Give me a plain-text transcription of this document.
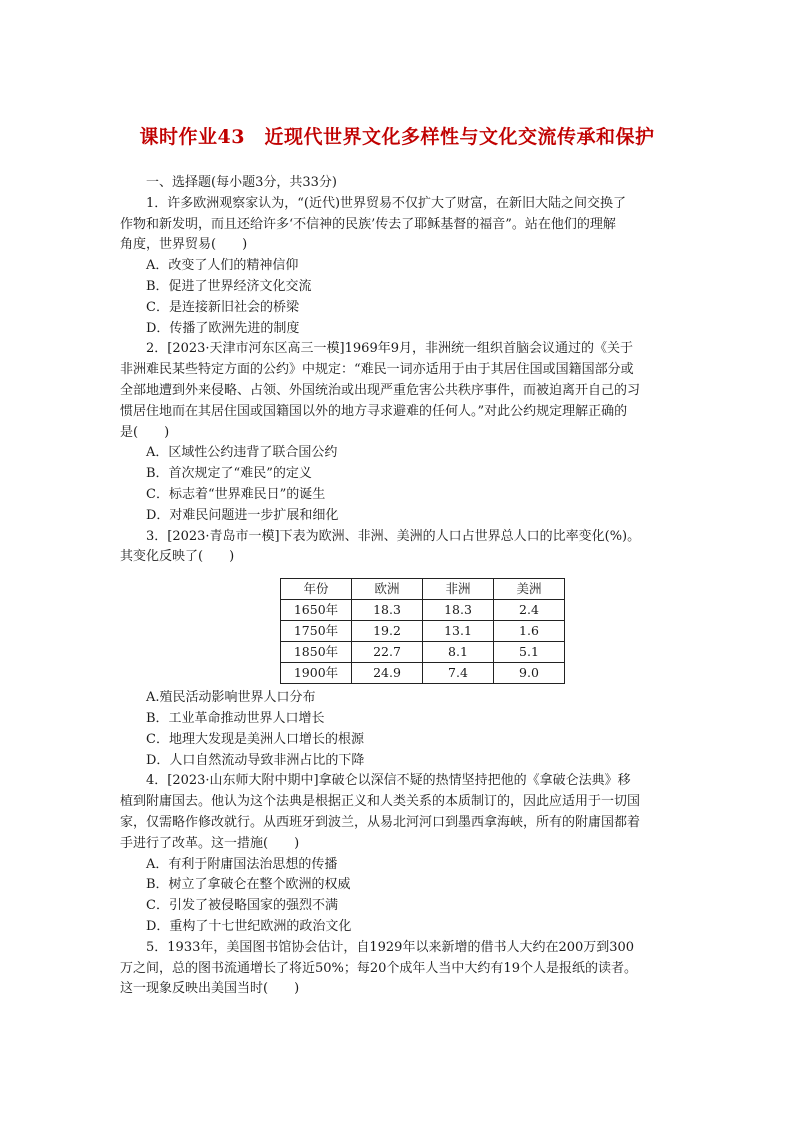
课时作业43　近现代世界文化多样性与文化交流传承和保护

一、选择题(每小题3分，共33分)

1．许多欧洲观察家认为，“(近代)世界贸易不仅扩大了财富，在新旧大陆之间交换了

作物和新发明，而且还给许多‘不信神的民族’传去了耶稣基督的福音”。站在他们的理解

角度，世界贸易(　　)

A．改变了人们的精神信仰

B．促进了世界经济文化交流

C．是连接新旧社会的桥梁

D．传播了欧洲先进的制度

2．[2023·天津市河东区高三一模]1969年9月，非洲统一组织首脑会议通过的《关于

非洲难民某些特定方面的公约》中规定：“难民一词亦适用于由于其居住国或国籍国部分或

全部地遭到外来侵略、占领、外国统治或出现严重危害公共秩序事件，而被迫离开自己的习

惯居住地而在其居住国或国籍国以外的地方寻求避难的任何人。”对此公约规定理解正确的

是(　　)

A．区域性公约违背了联合国公约

B．首次规定了“难民”的定义

C．标志着“世界难民日”的诞生

D．对难民问题进一步扩展和细化

3．[2023·青岛市一模]下表为欧洲、非洲、美洲的人口占世界总人口的比率变化(%)。

其变化反映了(　　)

年份	欧洲	非洲	美洲
1650年	18.3	18.3	2.4
1750年	19.2	13.1	1.6
1850年	22.7	8.1	5.1
1900年	24.9	7.4	9.0

A.殖民活动影响世界人口分布

B．工业革命推动世界人口增长

C．地理大发现是美洲人口增长的根源

D．人口自然流动导致非洲占比的下降

4．[2023·山东师大附中期中]拿破仑以深信不疑的热情坚持把他的《拿破仑法典》移

植到附庸国去。他认为这个法典是根据正义和人类关系的本质制订的，因此应适用于一切国

家，仅需略作修改就行。从西班牙到波兰，从易北河河口到墨西拿海峡，所有的附庸国都着

手进行了改革。这一措施(　　)

A．有利于附庸国法治思想的传播

B．树立了拿破仑在整个欧洲的权威

C．引发了被侵略国家的强烈不满

D．重构了十七世纪欧洲的政治文化

5．1933年，美国图书馆协会估计，自1929年以来新增的借书人大约在200万到300

万之间，总的图书流通增长了将近50%；每20个成年人当中大约有19个人是报纸的读者。

这一现象反映出美国当时(　　)
